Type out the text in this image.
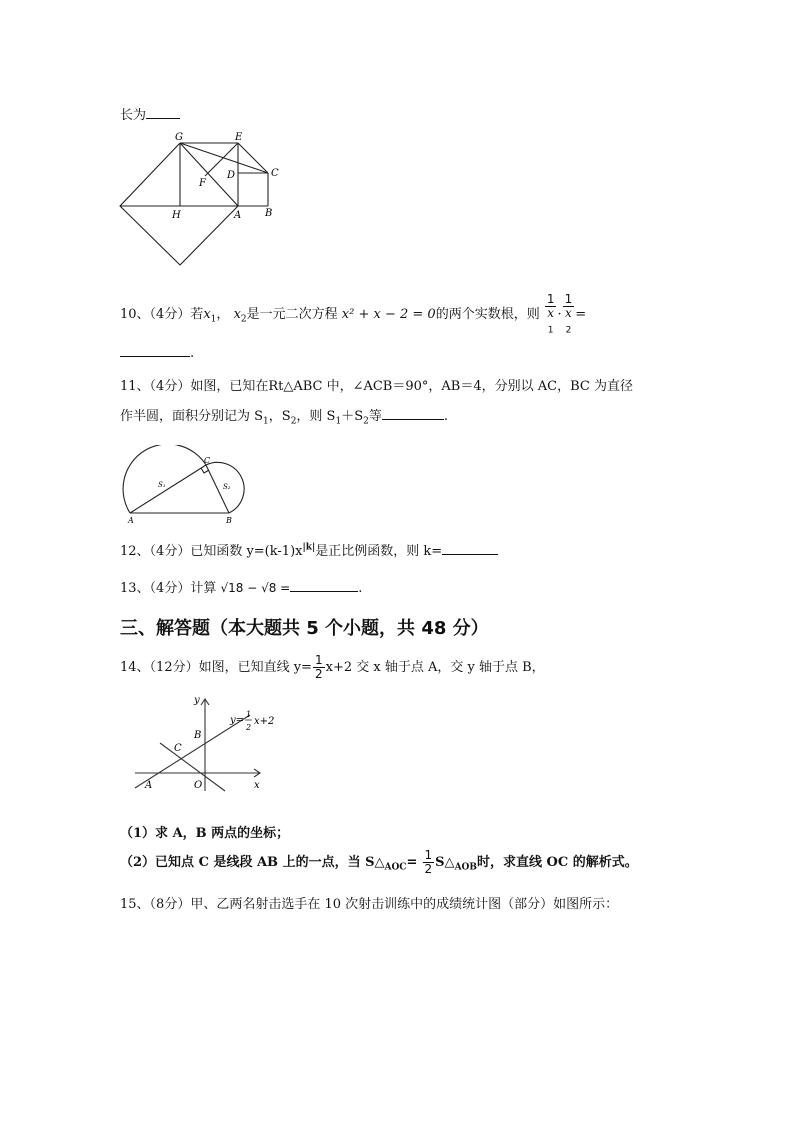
长为
G	E
D	C
F
H	A B
10、（4分）若$x_1$， $x_2$是一元二次方程 x² + x − 2 = 0的两个实数根，则 1
x
$_1$ · 1
x
$_2$ =
.
11、（4分）如图，已知在Rt△ABC 中，∠ACB＝90°，AB＝4，分别以 AC，BC 为直径
作半圆，面积分别记为 $S_1$，$S_2$，则 $S_1+S_2$等	.
C
S₁	S₂
A	B
12、（4分）已知函数 $y=(k-1)x^{|k|}$是正比例函数，则 k=
13、（4分）计算 √18 − √8 =	.
三、解答题（本大题共 5 个小题，共 48 分）
14、（12分）如图，已知直线 $y= \frac{1}{2} x+2$ 交 x 轴于点 A，交 y 轴于点 B，
y
y=
1
2
x+2
B
C
A	O	x
（1）求 A，B 两点的坐标；
（2）已知点 C 是线段 AB 上的一点，当 $S\triangle_{AOC}= \frac{1}{2}$ $S\triangle_{AOB}$时，求直线 OC 的解析式。
15、（8分）甲、乙两名射击选手在 10 次射击训练中的成绩统计图（部分）如图所示：
